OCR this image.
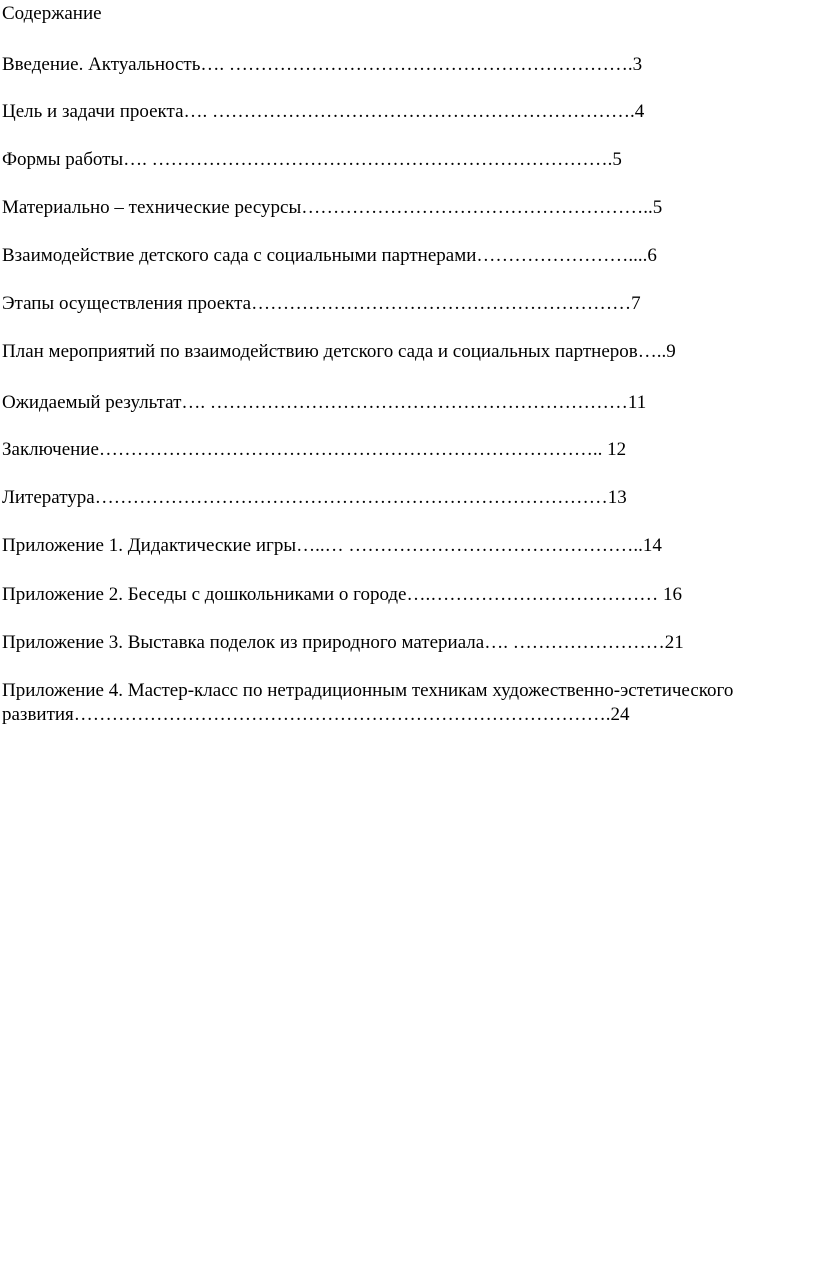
Содержание
Введение. Актуальность…. ……………………………………………………….3
Цель и задачи проекта…. ………………………………………………………….4
Формы работы…. ……………………………………………………………….5
Материально – технические ресурсы………………………………………………..5
Взаимодействие детского сада с социальными партнерами……………………....6
Этапы осуществления проекта……………………………………………………7
План мероприятий по взаимодействию детского сада и социальных партнеров…..9
Ожидаемый результат…. …………………………………………………………11
Заключение…………………………………………………………………….. 12
Литература………………………………………………………………………13
Приложение 1. Дидактические игры…..… ………………………………………..14
Приложение 2. Беседы с дошкольниками о городе….……………………………… 16
Приложение 3. Выставка поделок из природного материала…. ……………………21
Приложение 4. Мастер-класс по нетрадиционным техникам художественно-эстетического
развития………………………………………………………………………….24
